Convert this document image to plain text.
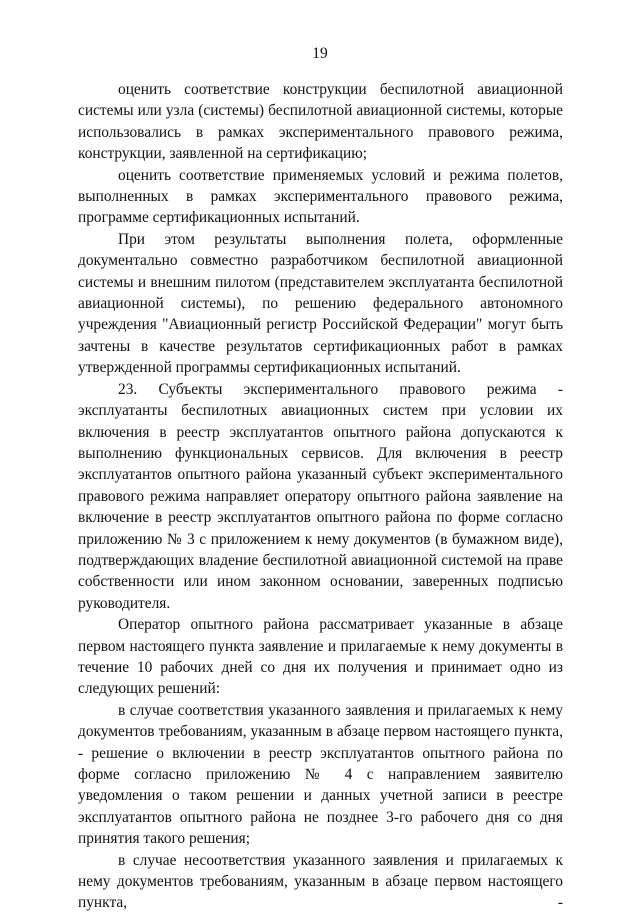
19

оценить соответствие конструкции беспилотной авиационной системы или узла (системы) беспилотной авиационной системы, которые использовались в рамках экспериментального правового режима, конструкции, заявленной на сертификацию;

оценить соответствие применяемых условий и режима полетов, выполненных в рамках экспериментального правового режима, программе сертификационных испытаний.

При этом результаты выполнения полета, оформленные документально совместно разработчиком беспилотной авиационной системы и внешним пилотом (представителем эксплуатанта беспилотной авиационной системы), по решению федерального автономного учреждения "Авиационный регистр Российской Федерации" могут быть зачтены в качестве результатов сертификационных работ в рамках утвержденной программы сертификационных испытаний.

23. Субъекты экспериментального правового режима - эксплуатанты беспилотных авиационных систем при условии их включения в реестр эксплуатантов опытного района допускаются к выполнению функциональных сервисов. Для включения в реестр эксплуатантов опытного района указанный субъект экспериментального правового режима направляет оператору опытного района заявление на включение в реестр эксплуатантов опытного района по форме согласно приложению № 3 с приложением к нему документов (в бумажном виде), подтверждающих владение беспилотной авиационной системой на праве собственности или ином законном основании, заверенных подписью руководителя.

Оператор опытного района рассматривает указанные в абзаце первом настоящего пункта заявление и прилагаемые к нему документы в течение 10 рабочих дней со дня их получения и принимает одно из следующих решений:

в случае соответствия указанного заявления и прилагаемых к нему документов требованиям, указанным в абзаце первом настоящего пункта, - решение о включении в реестр эксплуатантов опытного района по форме согласно приложению № 4 с направлением заявителю уведомления о таком решении и данных учетной записи в реестре эксплуатантов опытного района не позднее 3-го рабочего дня со дня принятия такого решения;

в случае несоответствия указанного заявления и прилагаемых к нему документов требованиям, указанным в абзаце первом настоящего пункта, -
